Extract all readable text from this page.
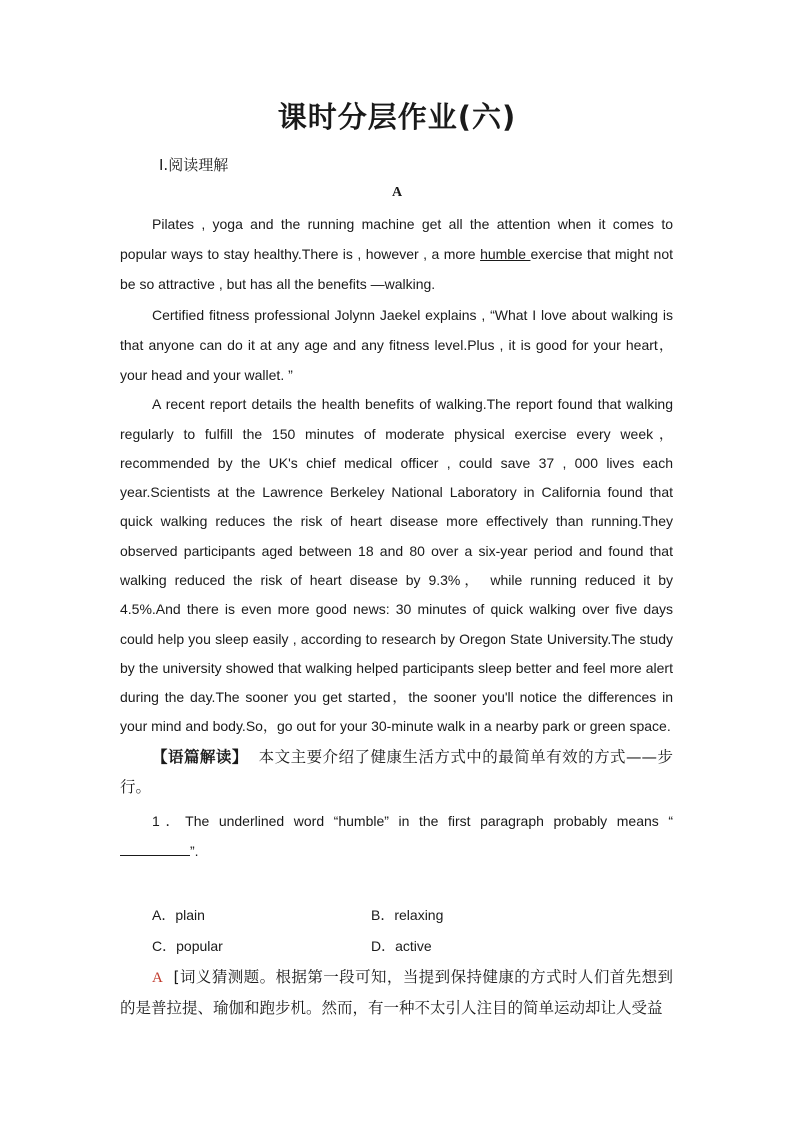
课时分层作业(六)
Ⅰ.阅读理解
A

Pilates , yoga and the running machine get all the attention when it comes to popular ways to stay healthy.There is , however , a more humble exercise that might not be so attractive , but has all the benefits —walking.

Certified fitness professional Jolynn Jaekel explains , “What I love about walking is that anyone can do it at any age and any fitness level.Plus , it is good for your heart，your head and your wallet. ”

A recent report details the health benefits of walking.The report found that walking regularly to fulfill the 150 minutes of moderate physical exercise every week，recommended by the UK's chief medical officer , could save 37 , 000 lives each year.Scientists at the Lawrence Berkeley National Laboratory in California found that quick walking reduces the risk of heart disease more effectively than running.They observed participants aged between 18 and 80 over a six-year period and found that walking reduced the risk of heart disease by 9.3%， while running reduced it by 4.5%.And there is even more good news: 30 minutes of quick walking over five days could help you sleep easily , according to research by Oregon State University.The study by the university showed that walking helped participants sleep better and feel more alert during the day.The sooner you get started，the sooner you'll notice the differences in your mind and body.So，go out for your 30-minute walk in a nearby park or green space.

【语篇解读】 本文主要介绍了健康生活方式中的最简单有效的方式——步行。

1．The underlined word “humble” in the first paragraph probably means “”.

A．plain	B．relaxing
C．popular	D．active
A [词义猜测题。根据第一段可知，当提到保持健康的方式时人们首先想到的是普拉提、瑜伽和跑步机。然而，有一种不太引人注目的简单运动却让人受益
